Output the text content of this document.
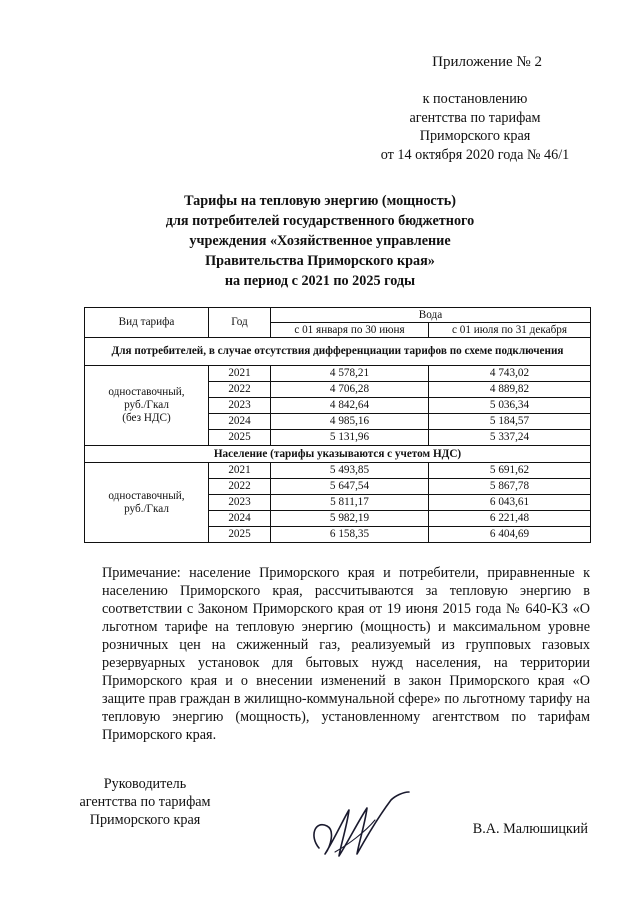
Приложение № 2
к постановлению
агентства по тарифам
Приморского края
от 14 октября 2020 года № 46/1
Тарифы на тепловую энергию (мощность)
для потребителей государственного бюджетного
учреждения «Хозяйственное управление
Правительства Приморского края»
на период с 2021 по 2025 годы
Вид тарифа	Год	Вода	
		с 01 января по 30 июня	с 01 июля по 31 декабря
Для потребителей, в случае отсутствия дифференциации тарифов по схеме подключения			

одноставочный,
руб./Гкал
(без НДС)	2021	4 578,21	4 743,02
	2022	4 706,28	4 889,82
	2023	4 842,64	5 036,34
	2024	4 985,16	5 184,57
	2025	5 131,96	5 337,24
Население (тарифы указываются с учетом НДС)			

одноставочный,
руб./Гкал	2021	5 493,85	5 691,62
	2022	5 647,54	5 867,78
	2023	5 811,17	6 043,61
	2024	5 982,19	6 221,48
	2025	6 158,35	6 404,69
Примечание: население Приморского края и потребители, приравненные к населению Приморского края, рассчитываются за тепловую энергию в соответствии с Законом Приморского края от 19 июня 2015 года № 640-КЗ «О льготном тарифе на тепловую энергию (мощность) и максимальном уровне розничных цен на сжиженный газ, реализуемый из групповых газовых резервуарных установок для бытовых нужд населения, на территории Приморского края и о внесении изменений в закон Приморского края «О защите прав граждан в жилищно-коммунальной сфере» по льготному тарифу на тепловую энергию (мощность), установленному агентством по тарифам Приморского края.
Руководитель
агентства по тарифам
Приморского края
В.А. Малюшицкий
